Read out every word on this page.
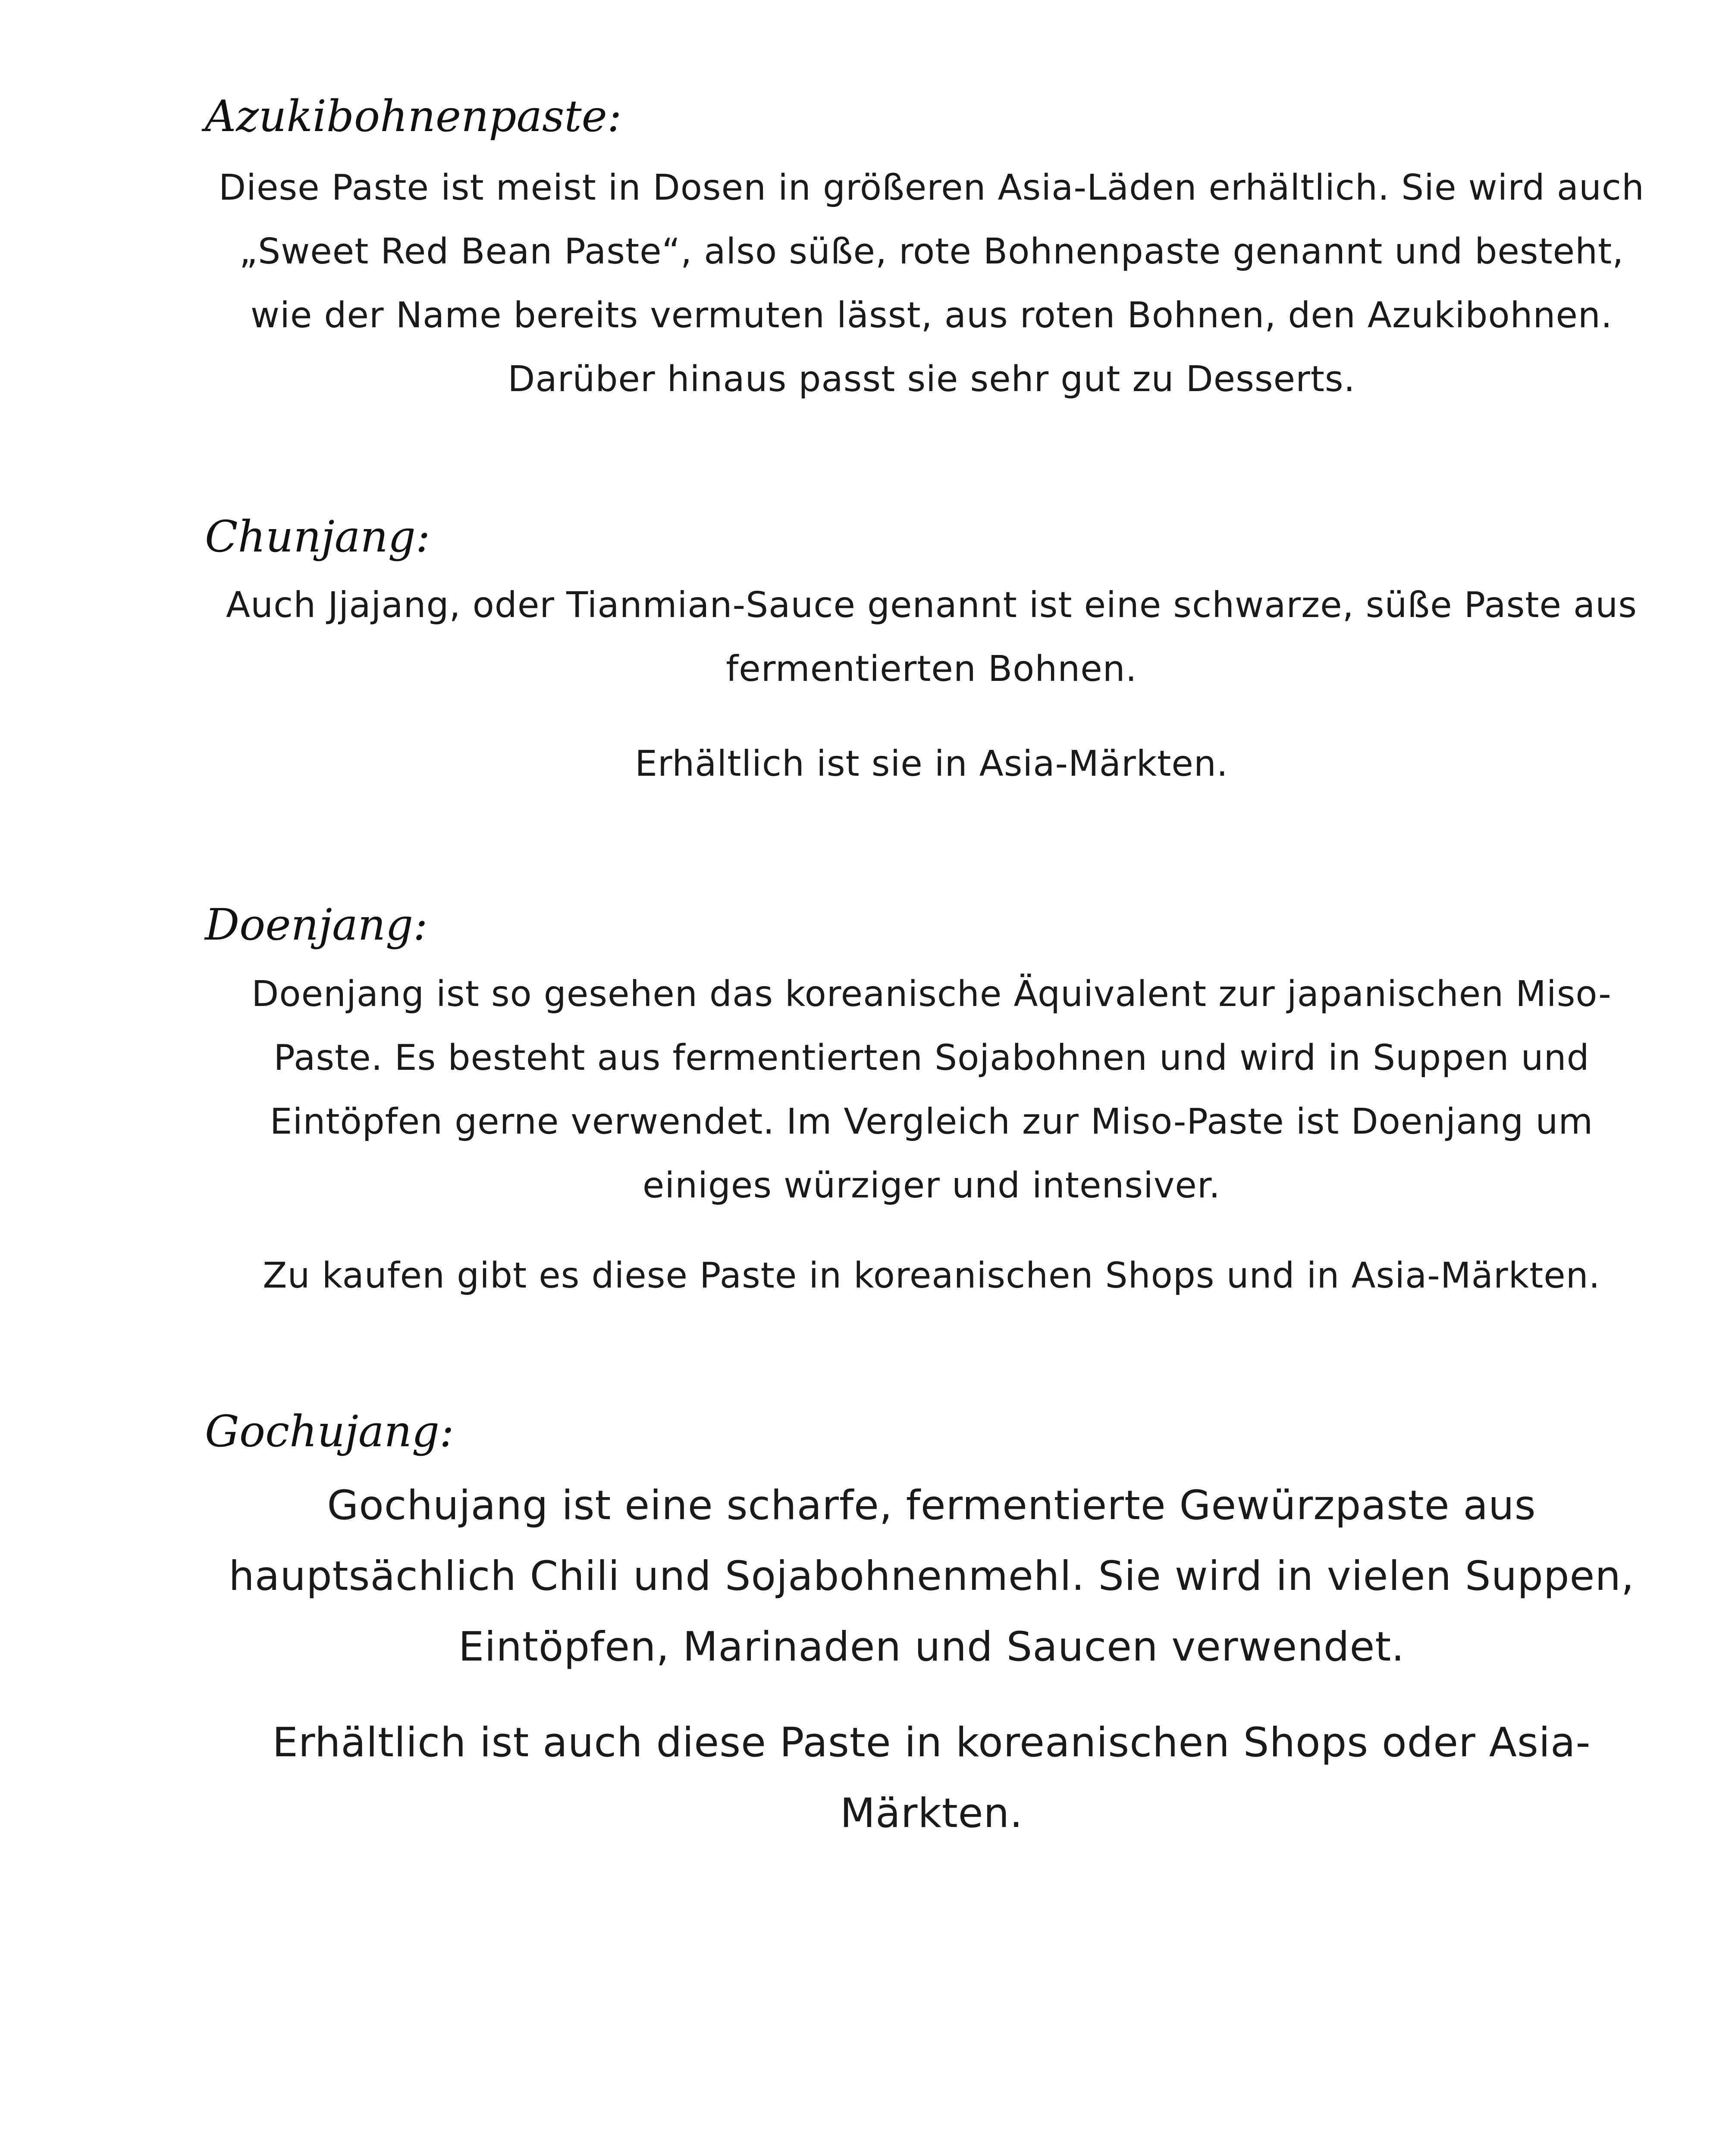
Azukibohnenpaste:

Diese Paste ist meist in Dosen in größeren Asia-Läden erhältlich. Sie wird auch „Sweet Red Bean Paste“, also süße, rote Bohnenpaste genannt und besteht, wie der Name bereits vermuten lässt, aus roten Bohnen, den Azukibohnen. Darüber hinaus passt sie sehr gut zu Desserts.

Chunjang:

Auch Jjajang, oder Tianmian-Sauce genannt ist eine schwarze, süße Paste aus fermentierten Bohnen.

Erhältlich ist sie in Asia-Märkten.

Doenjang:

Doenjang ist so gesehen das koreanische Äquivalent zur japanischen Miso-Paste. Es besteht aus fermentierten Sojabohnen und wird in Suppen und Eintöpfen gerne verwendet. Im Vergleich zur Miso-Paste ist Doenjang um einiges würziger und intensiver.

Zu kaufen gibt es diese Paste in koreanischen Shops und in Asia-Märkten.

Gochujang:

Gochujang ist eine scharfe, fermentierte Gewürzpaste aus hauptsächlich Chili und Sojabohnenmehl. Sie wird in vielen Suppen, Eintöpfen, Marinaden und Saucen verwendet.

Erhältlich ist auch diese Paste in koreanischen Shops oder Asia-Märkten.
